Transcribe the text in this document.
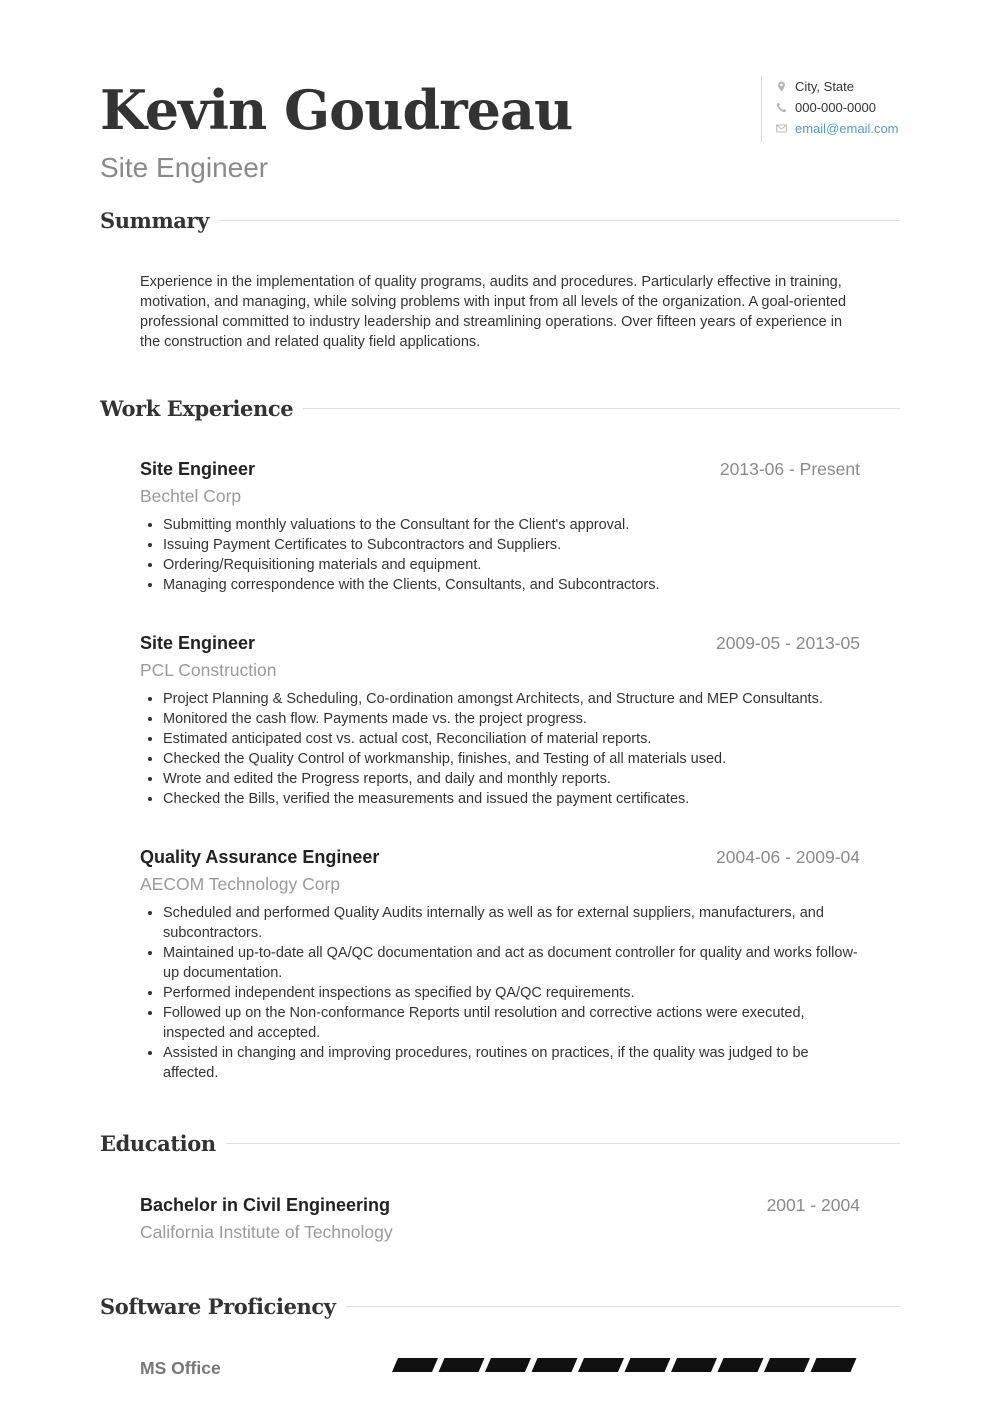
Kevin Goudreau
Site Engineer
City, State
000-000-0000
email@email.com
Summary

Experience in the implementation of quality programs, audits and procedures. Particularly effective in training, motivation, and managing, while solving problems with input from all levels of the organization. A goal-oriented professional committed to industry leadership and streamlining operations. Over fifteen years of experience in the construction and related quality field applications.

Work Experience
Site Engineer	2013-06 - Present
Bechtel Corp
• Submitting monthly valuations to the Consultant for the Client's approval.
• Issuing Payment Certificates to Subcontractors and Suppliers.
• Ordering/Requisitioning materials and equipment.
• Managing correspondence with the Clients, Consultants, and Subcontractors.
Site Engineer	2009-05 - 2013-05
PCL Construction
• Project Planning & Scheduling, Co-ordination amongst Architects, and Structure and MEP Consultants.
• Monitored the cash flow. Payments made vs. the project progress.
• Estimated anticipated cost vs. actual cost, Reconciliation of material reports.
• Checked the Quality Control of workmanship, finishes, and Testing of all materials used.
• Wrote and edited the Progress reports, and daily and monthly reports.
• Checked the Bills, verified the measurements and issued the payment certificates.
Quality Assurance Engineer	2004-06 - 2009-04
AECOM Technology Corp
• Scheduled and performed Quality Audits internally as well as for external suppliers, manufacturers, and subcontractors.
• Maintained up-to-date all QA/QC documentation and act as document controller for quality and works follow-up documentation.
• Performed independent inspections as specified by QA/QC requirements.
• Followed up on the Non-conformance Reports until resolution and corrective actions were executed, inspected and accepted.
• Assisted in changing and improving procedures, routines on practices, if the quality was judged to be affected.
Education
Bachelor in Civil Engineering	2001 - 2004
California Institute of Technology
Software Proficiency
MS Office
